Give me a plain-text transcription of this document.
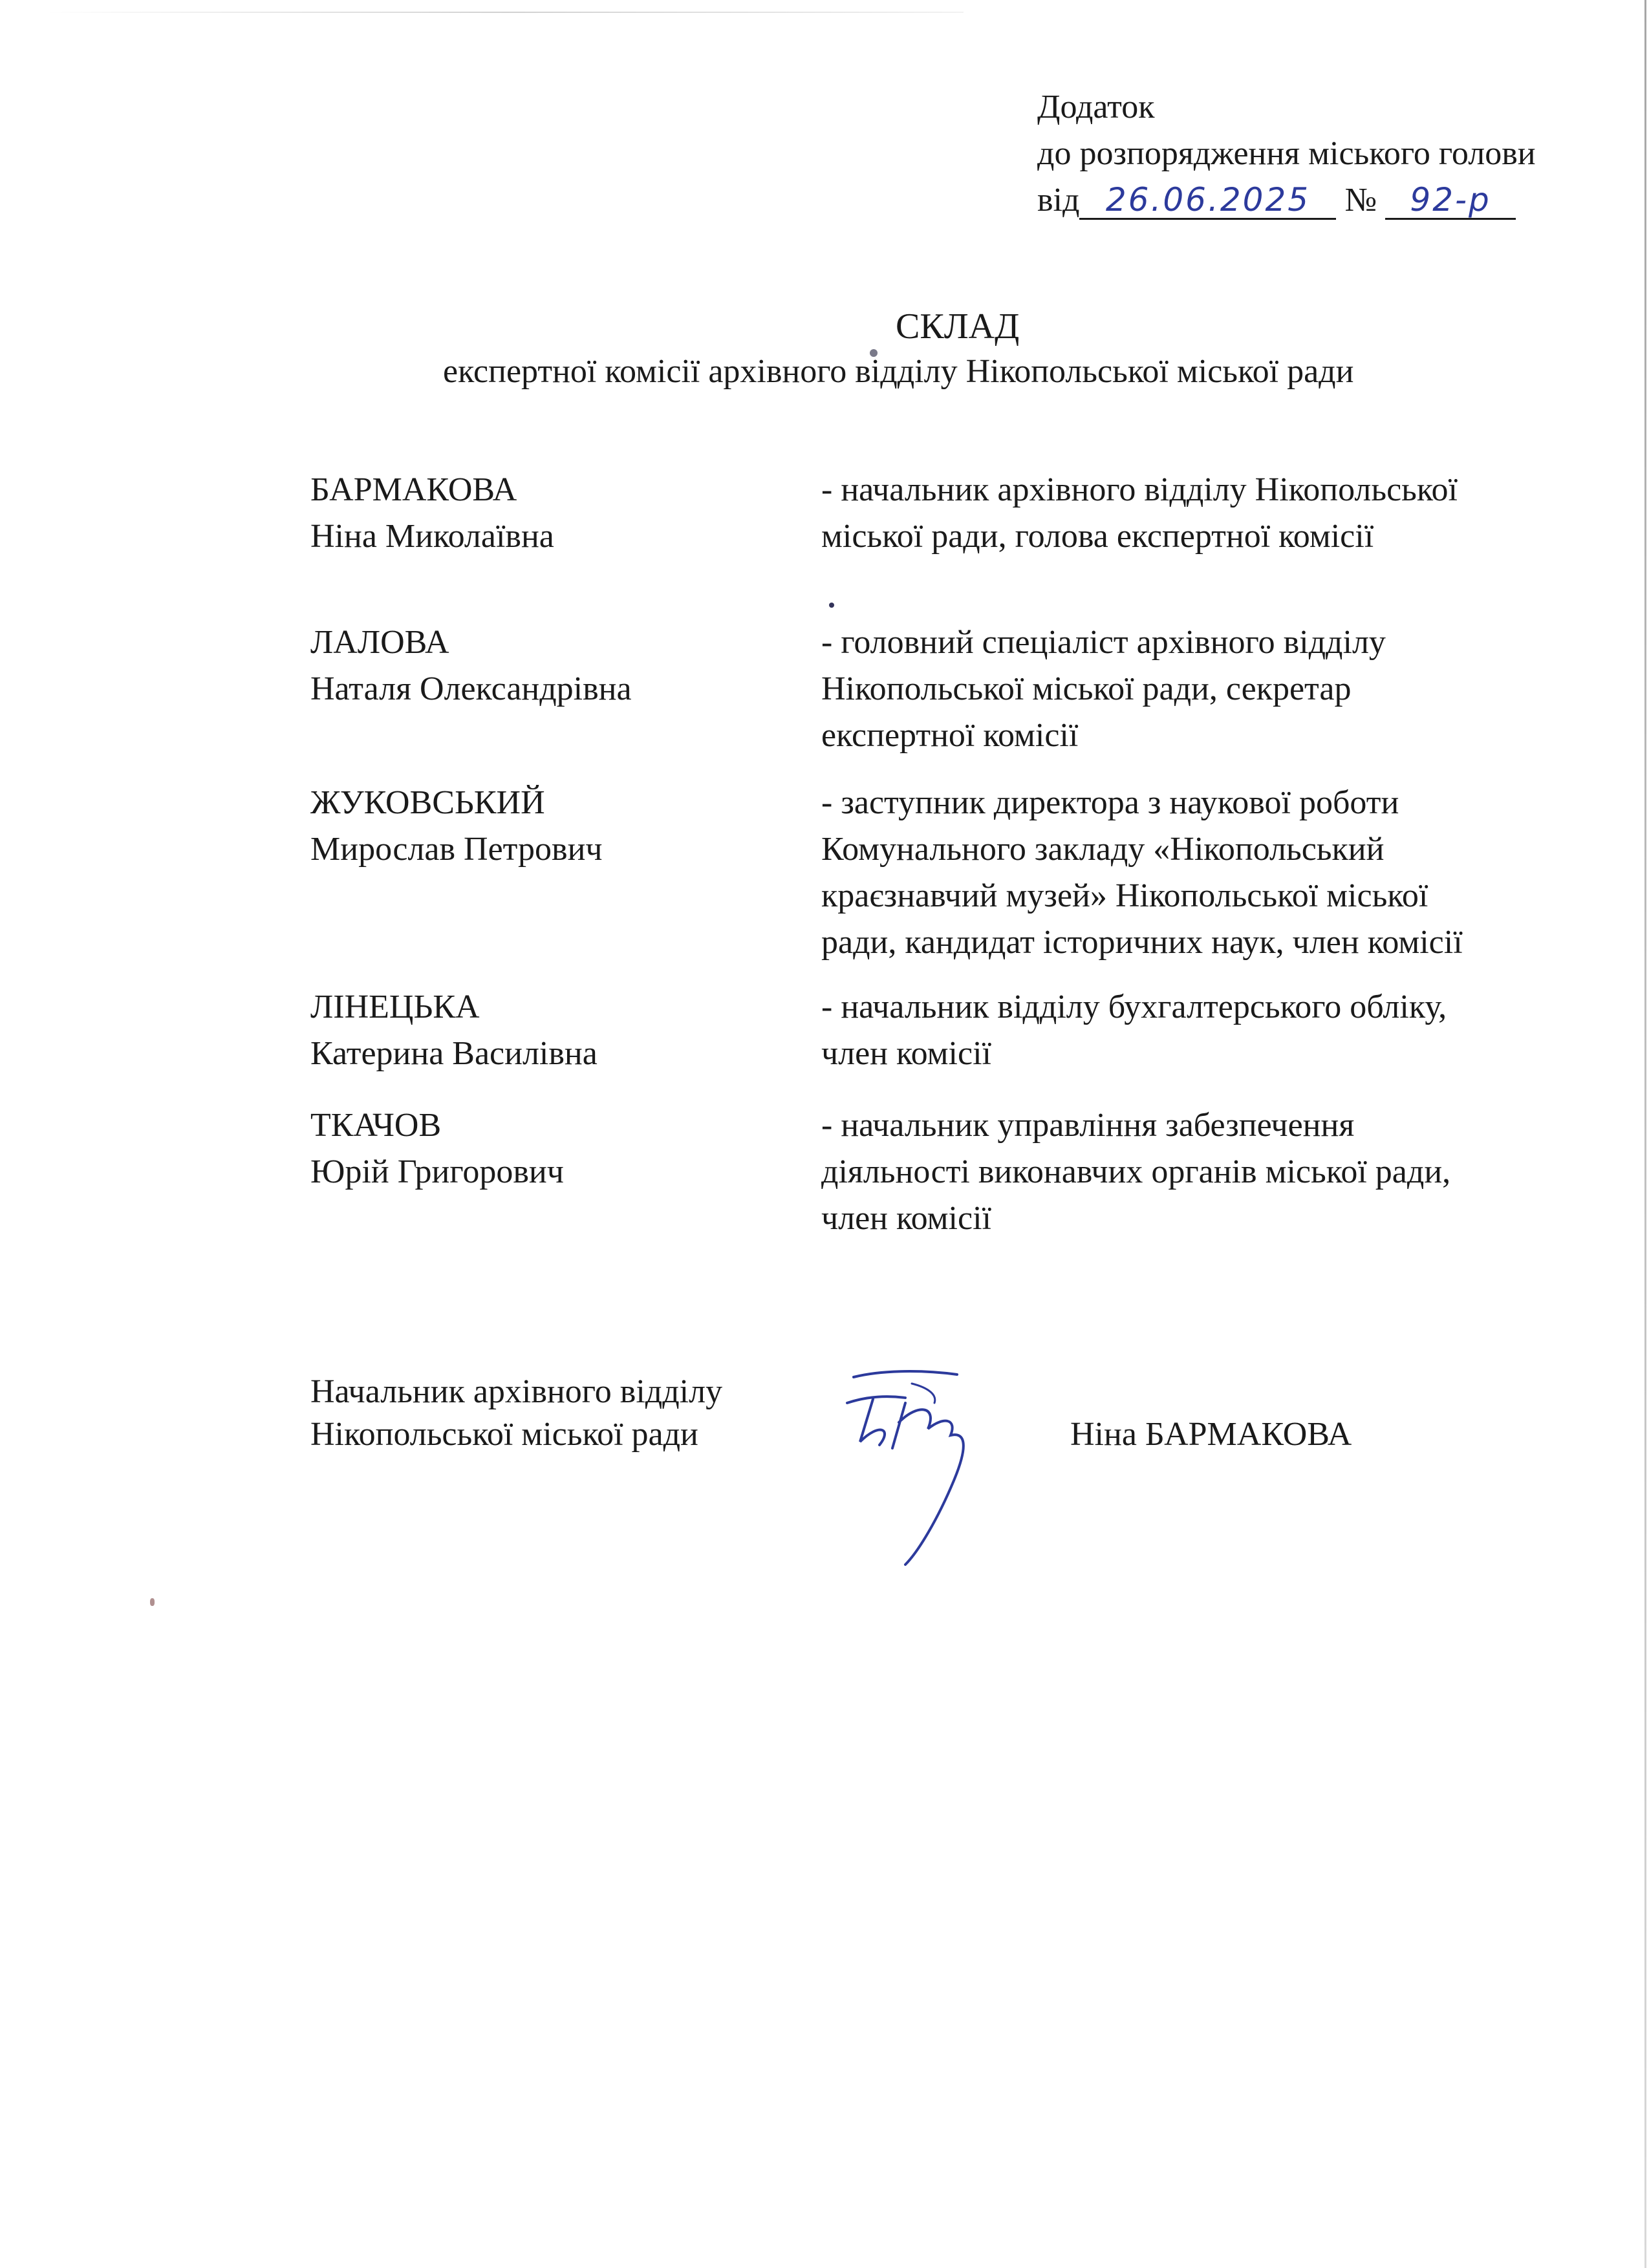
Додаток
до розпорядження міського голови
від 26.06.2025 № 92-р
СКЛАД
експертної комісії архівного відділу Нікопольської міської ради
БАРМАКОВА
Ніна Миколаївна
- начальник архівного відділу Нікопольської
міської ради, голова експертної комісії
ЛАЛОВА
Наталя Олександрівна
- головний спеціаліст архівного відділу
Нікопольської міської ради, секретар
експертної комісії
ЖУКОВСЬКИЙ
Мирослав Петрович
- заступник директора з наукової роботи
Комунального закладу «Нікопольський
краєзнавчий музей» Нікопольської міської
ради, кандидат історичних наук, член комісії
ЛІНЕЦЬКА
Катерина Василівна
- начальник відділу бухгалтерського обліку,
член комісії
ТКАЧОВ
Юрій Григорович
- начальник управління забезпечення
діяльності виконавчих органів міської ради,
член комісії
Начальник архівного відділу
Нікопольської міської ради	Ніна БАРМАКОВА
